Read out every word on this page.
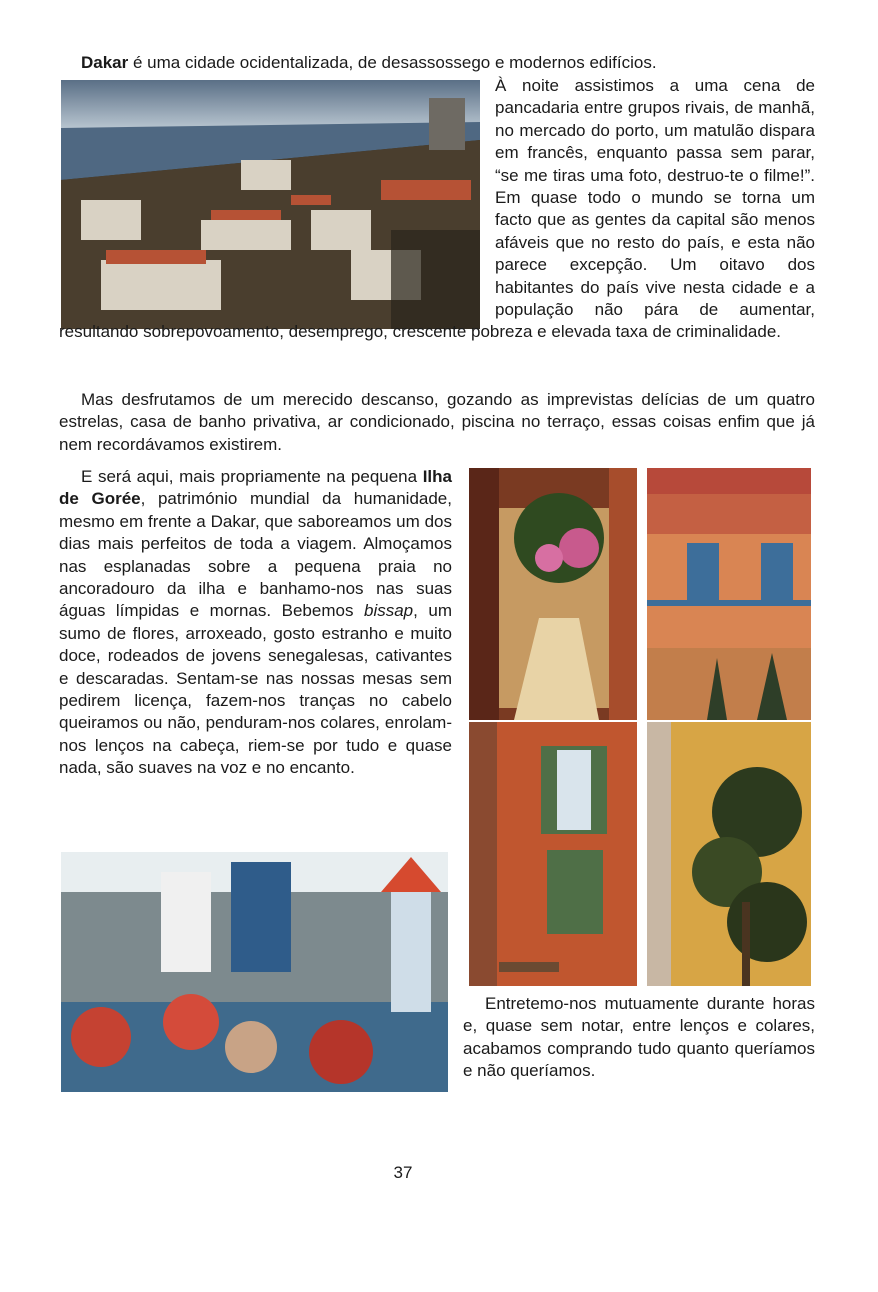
Dakar é uma cidade ocidentalizada, de desassossego e modernos edifícios.

À noite assistimos a uma cena de pancadaria entre grupos rivais, de manhã, no mercado do porto, um matulão dispara em francês, enquanto passa sem parar, “se me tiras uma foto, destruo-te o filme!”. Em quase todo o mundo se torna um facto que as gentes da capital são menos afáveis que no resto do país, e esta não parece excepção. Um oitavo dos habitantes do país vive nesta cidade e a população não pára de aumentar, resultando sobrepovoamento, desemprego, crescente pobreza e elevada taxa de criminalidade.

Mas desfrutamos de um merecido descanso, gozando as imprevistas delícias de um quatro estrelas, casa de banho privativa, ar condicionado, piscina no terraço, essas coisas enfim que já nem recordávamos existirem.

E será aqui, mais propriamente na pequena Ilha de Gorée, património mundial da humanidade, mesmo em frente a Dakar, que saboreamos um dos dias mais perfeitos de toda a viagem. Almoçamos nas esplanadas sobre a pequena praia no ancoradouro da ilha e banhamo-nos nas suas águas límpidas e mornas. Bebemos bissap, um sumo de flores, arroxeado, gosto estranho e muito doce, rodeados de jovens senegalesas, cativantes e descaradas. Sentam-se nas nossas mesas sem pedirem licença, fazem-nos tranças no cabelo queiramos ou não, penduram-nos colares, enrolam-nos lenços na cabeça, riem-se por tudo e quase nada, são suaves na voz e no encanto.

Entretemo-nos mutuamente durante horas e, quase sem notar, entre lenços e colares, acabamos comprando tudo quanto queríamos e não queríamos.

37
